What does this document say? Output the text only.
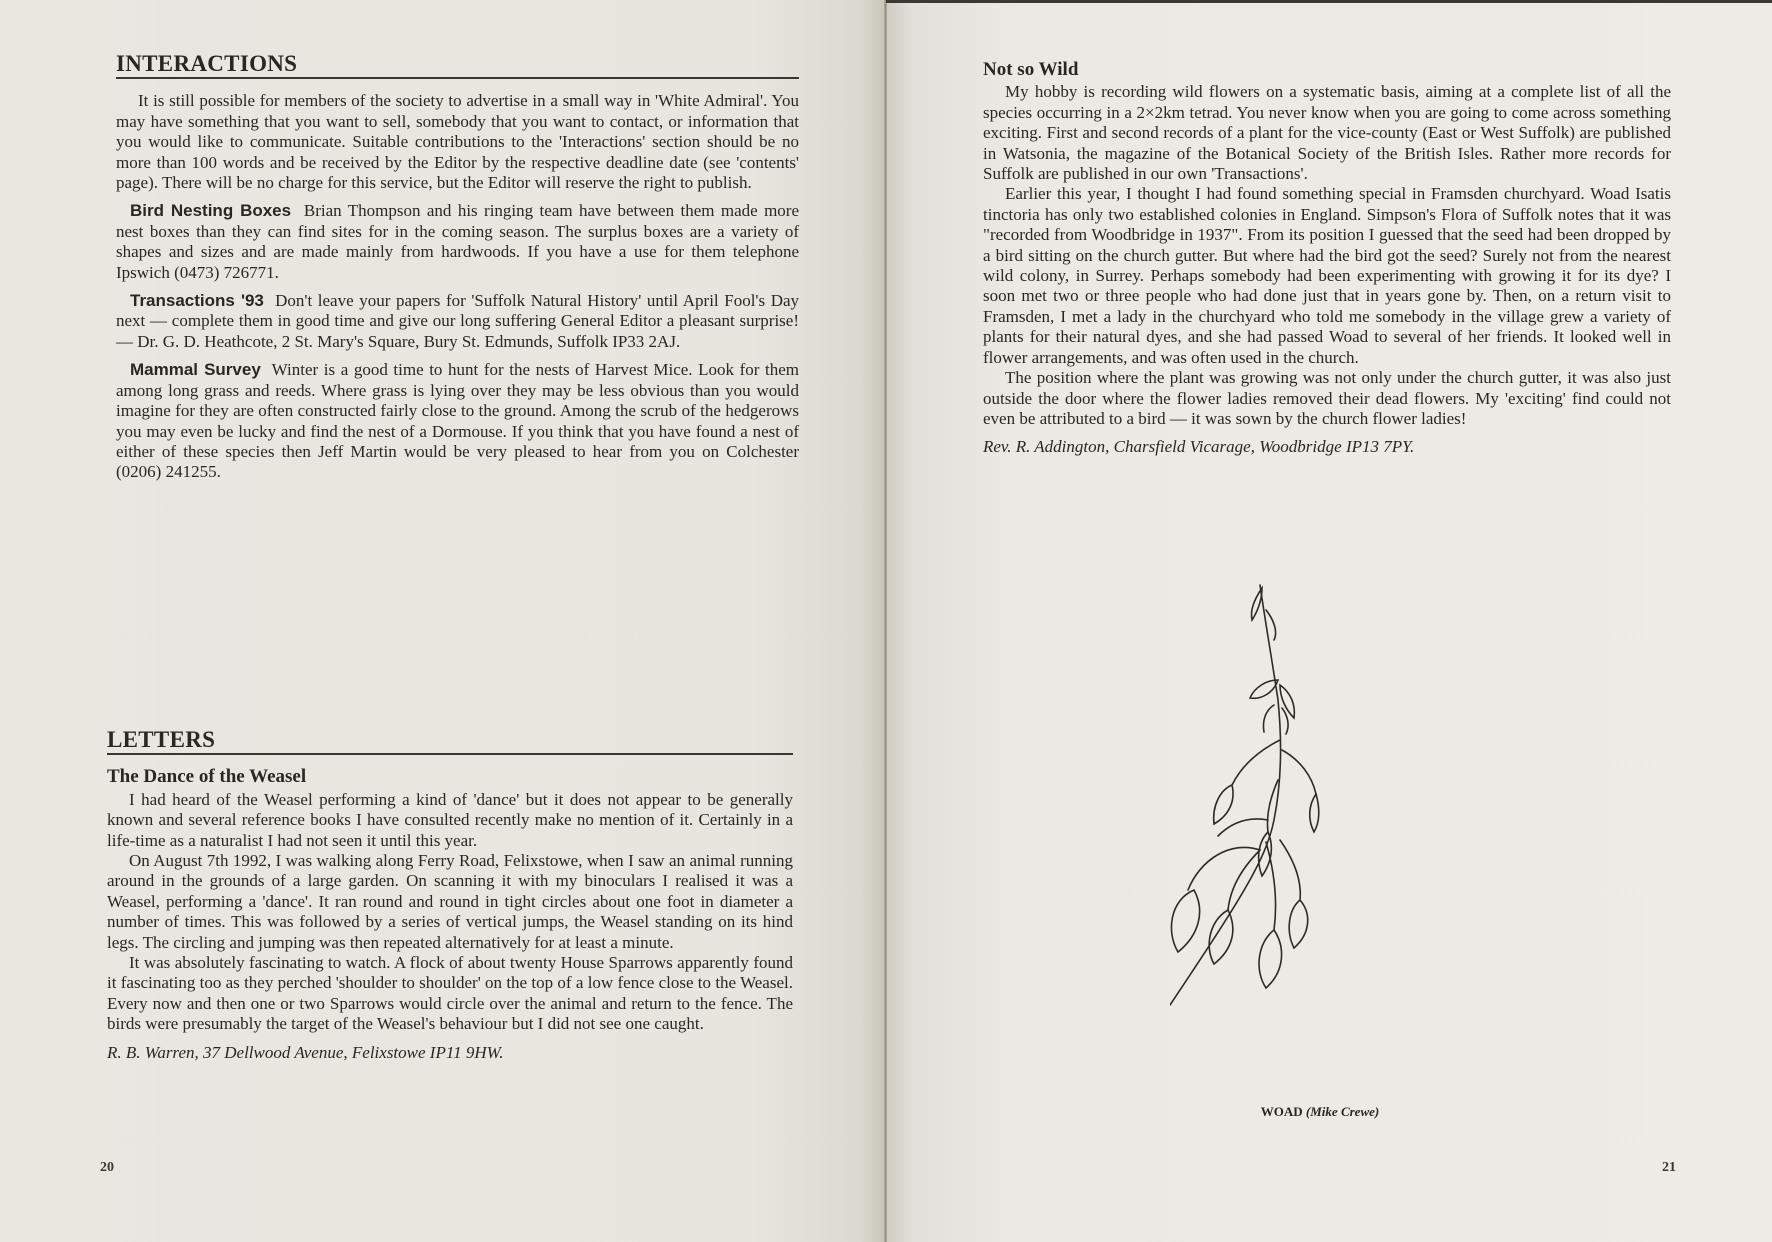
INTERACTIONS

It is still possible for members of the society to advertise in a small way in 'White Admiral'. You may have something that you want to sell, somebody that you want to contact, or information that you would like to communicate. Suitable contributions to the 'Interactions' section should be no more than 100 words and be received by the Editor by the respective deadline date (see 'contents' page). There will be no charge for this service, but the Editor will reserve the right to publish.

Bird Nesting Boxes Brian Thompson and his ringing team have between them made more nest boxes than they can find sites for in the coming season. The surplus boxes are a variety of shapes and sizes and are made mainly from hardwoods. If you have a use for them telephone Ipswich (0473) 726771.

Transactions '93 Don't leave your papers for 'Suffolk Natural History' until April Fool's Day next — complete them in good time and give our long suffering General Editor a pleasant surprise! — Dr. G. D. Heathcote, 2 St. Mary's Square, Bury St. Edmunds, Suffolk IP33 2AJ.

Mammal Survey Winter is a good time to hunt for the nests of Harvest Mice. Look for them among long grass and reeds. Where grass is lying over they may be less obvious than you would imagine for they are often constructed fairly close to the ground. Among the scrub of the hedgerows you may even be lucky and find the nest of a Dormouse. If you think that you have found a nest of either of these species then Jeff Martin would be very pleased to hear from you on Colchester (0206) 241255.

LETTERS
The Dance of the Weasel

I had heard of the Weasel performing a kind of 'dance' but it does not appear to be generally known and several reference books I have consulted recently make no mention of it. Certainly in a life-time as a naturalist I had not seen it until this year.

On August 7th 1992, I was walking along Ferry Road, Felixstowe, when I saw an animal running around in the grounds of a large garden. On scanning it with my binoculars I realised it was a Weasel, performing a 'dance'. It ran round and round in tight circles about one foot in diameter a number of times. This was followed by a series of vertical jumps, the Weasel standing on its hind legs. The circling and jumping was then repeated alternatively for at least a minute.

It was absolutely fascinating to watch. A flock of about twenty House Sparrows apparently found it fascinating too as they perched 'shoulder to shoulder' on the top of a low fence close to the Weasel. Every now and then one or two Sparrows would circle over the animal and return to the fence. The birds were presumably the target of the Weasel's behaviour but I did not see one caught.

R. B. Warren, 37 Dellwood Avenue, Felixstowe IP11 9HW.

20
Not so Wild

My hobby is recording wild flowers on a systematic basis, aiming at a complete list of all the species occurring in a 2×2km tetrad. You never know when you are going to come across something exciting. First and second records of a plant for the vice-county (East or West Suffolk) are published in Watsonia, the magazine of the Botanical Society of the British Isles. Rather more records for Suffolk are published in our own 'Transactions'.

Earlier this year, I thought I had found something special in Framsden churchyard. Woad Isatis tinctoria has only two established colonies in England. Simpson's Flora of Suffolk notes that it was "recorded from Woodbridge in 1937". From its position I guessed that the seed had been dropped by a bird sitting on the church gutter. But where had the bird got the seed? Surely not from the nearest wild colony, in Surrey. Perhaps somebody had been experimenting with growing it for its dye? I soon met two or three people who had done just that in years gone by. Then, on a return visit to Framsden, I met a lady in the churchyard who told me somebody in the village grew a variety of plants for their natural dyes, and she had passed Woad to several of her friends. It looked well in flower arrangements, and was often used in the church.

The position where the plant was growing was not only under the church gutter, it was also just outside the door where the flower ladies removed their dead flowers. My 'exciting' find could not even be attributed to a bird — it was sown by the church flower ladies!

Rev. R. Addington, Charsfield Vicarage, Woodbridge IP13 7PY.

WOAD (Mike Crewe)
21
